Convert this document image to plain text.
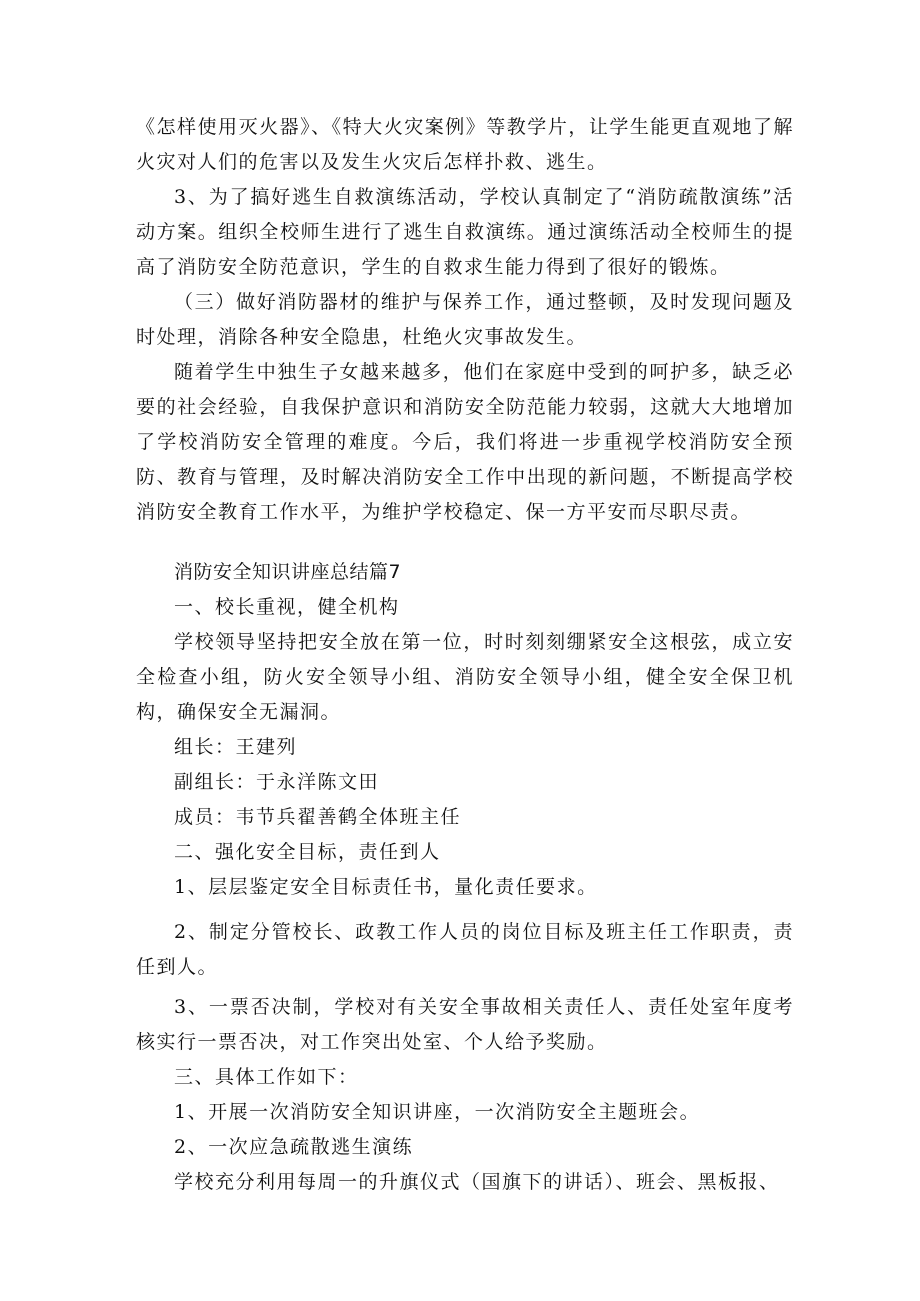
《怎样使用灭火器》、《特大火灾案例》等教学片，让学生能更直观地了解火灾对人们的危害以及发生火灾后怎样扑救、逃生。

3、为了搞好逃生自救演练活动，学校认真制定了“消防疏散演练”活动方案。组织全校师生进行了逃生自救演练。通过演练活动全校师生的提高了消防安全防范意识，学生的自救求生能力得到了很好的锻炼。

（三）做好消防器材的维护与保养工作，通过整顿，及时发现问题及时处理，消除各种安全隐患，杜绝火灾事故发生。

随着学生中独生子女越来越多，他们在家庭中受到的呵护多，缺乏必要的社会经验，自我保护意识和消防安全防范能力较弱，这就大大地增加了学校消防安全管理的难度。今后，我们将进一步重视学校消防安全预防、教育与管理，及时解决消防安全工作中出现的新问题，不断提高学校消防安全教育工作水平，为维护学校稳定、保一方平安而尽职尽责。

消防安全知识讲座总结篇7

一、校长重视，健全机构

学校领导坚持把安全放在第一位，时时刻刻绷紧安全这根弦，成立安全检查小组，防火安全领导小组、消防安全领导小组，健全安全保卫机构，确保安全无漏洞。

组长：王建列

副组长：于永洋陈文田

成员：韦节兵翟善鹤全体班主任

二、强化安全目标，责任到人

1、层层鉴定安全目标责任书，量化责任要求。

2、制定分管校长、政教工作人员的岗位目标及班主任工作职责，责任到人。

3、一票否决制，学校对有关安全事故相关责任人、责任处室年度考核实行一票否决，对工作突出处室、个人给予奖励。

三、具体工作如下：

1、开展一次消防安全知识讲座，一次消防安全主题班会。

2、一次应急疏散逃生演练

学校充分利用每周一的升旗仪式（国旗下的讲话）、班会、黑板报、
